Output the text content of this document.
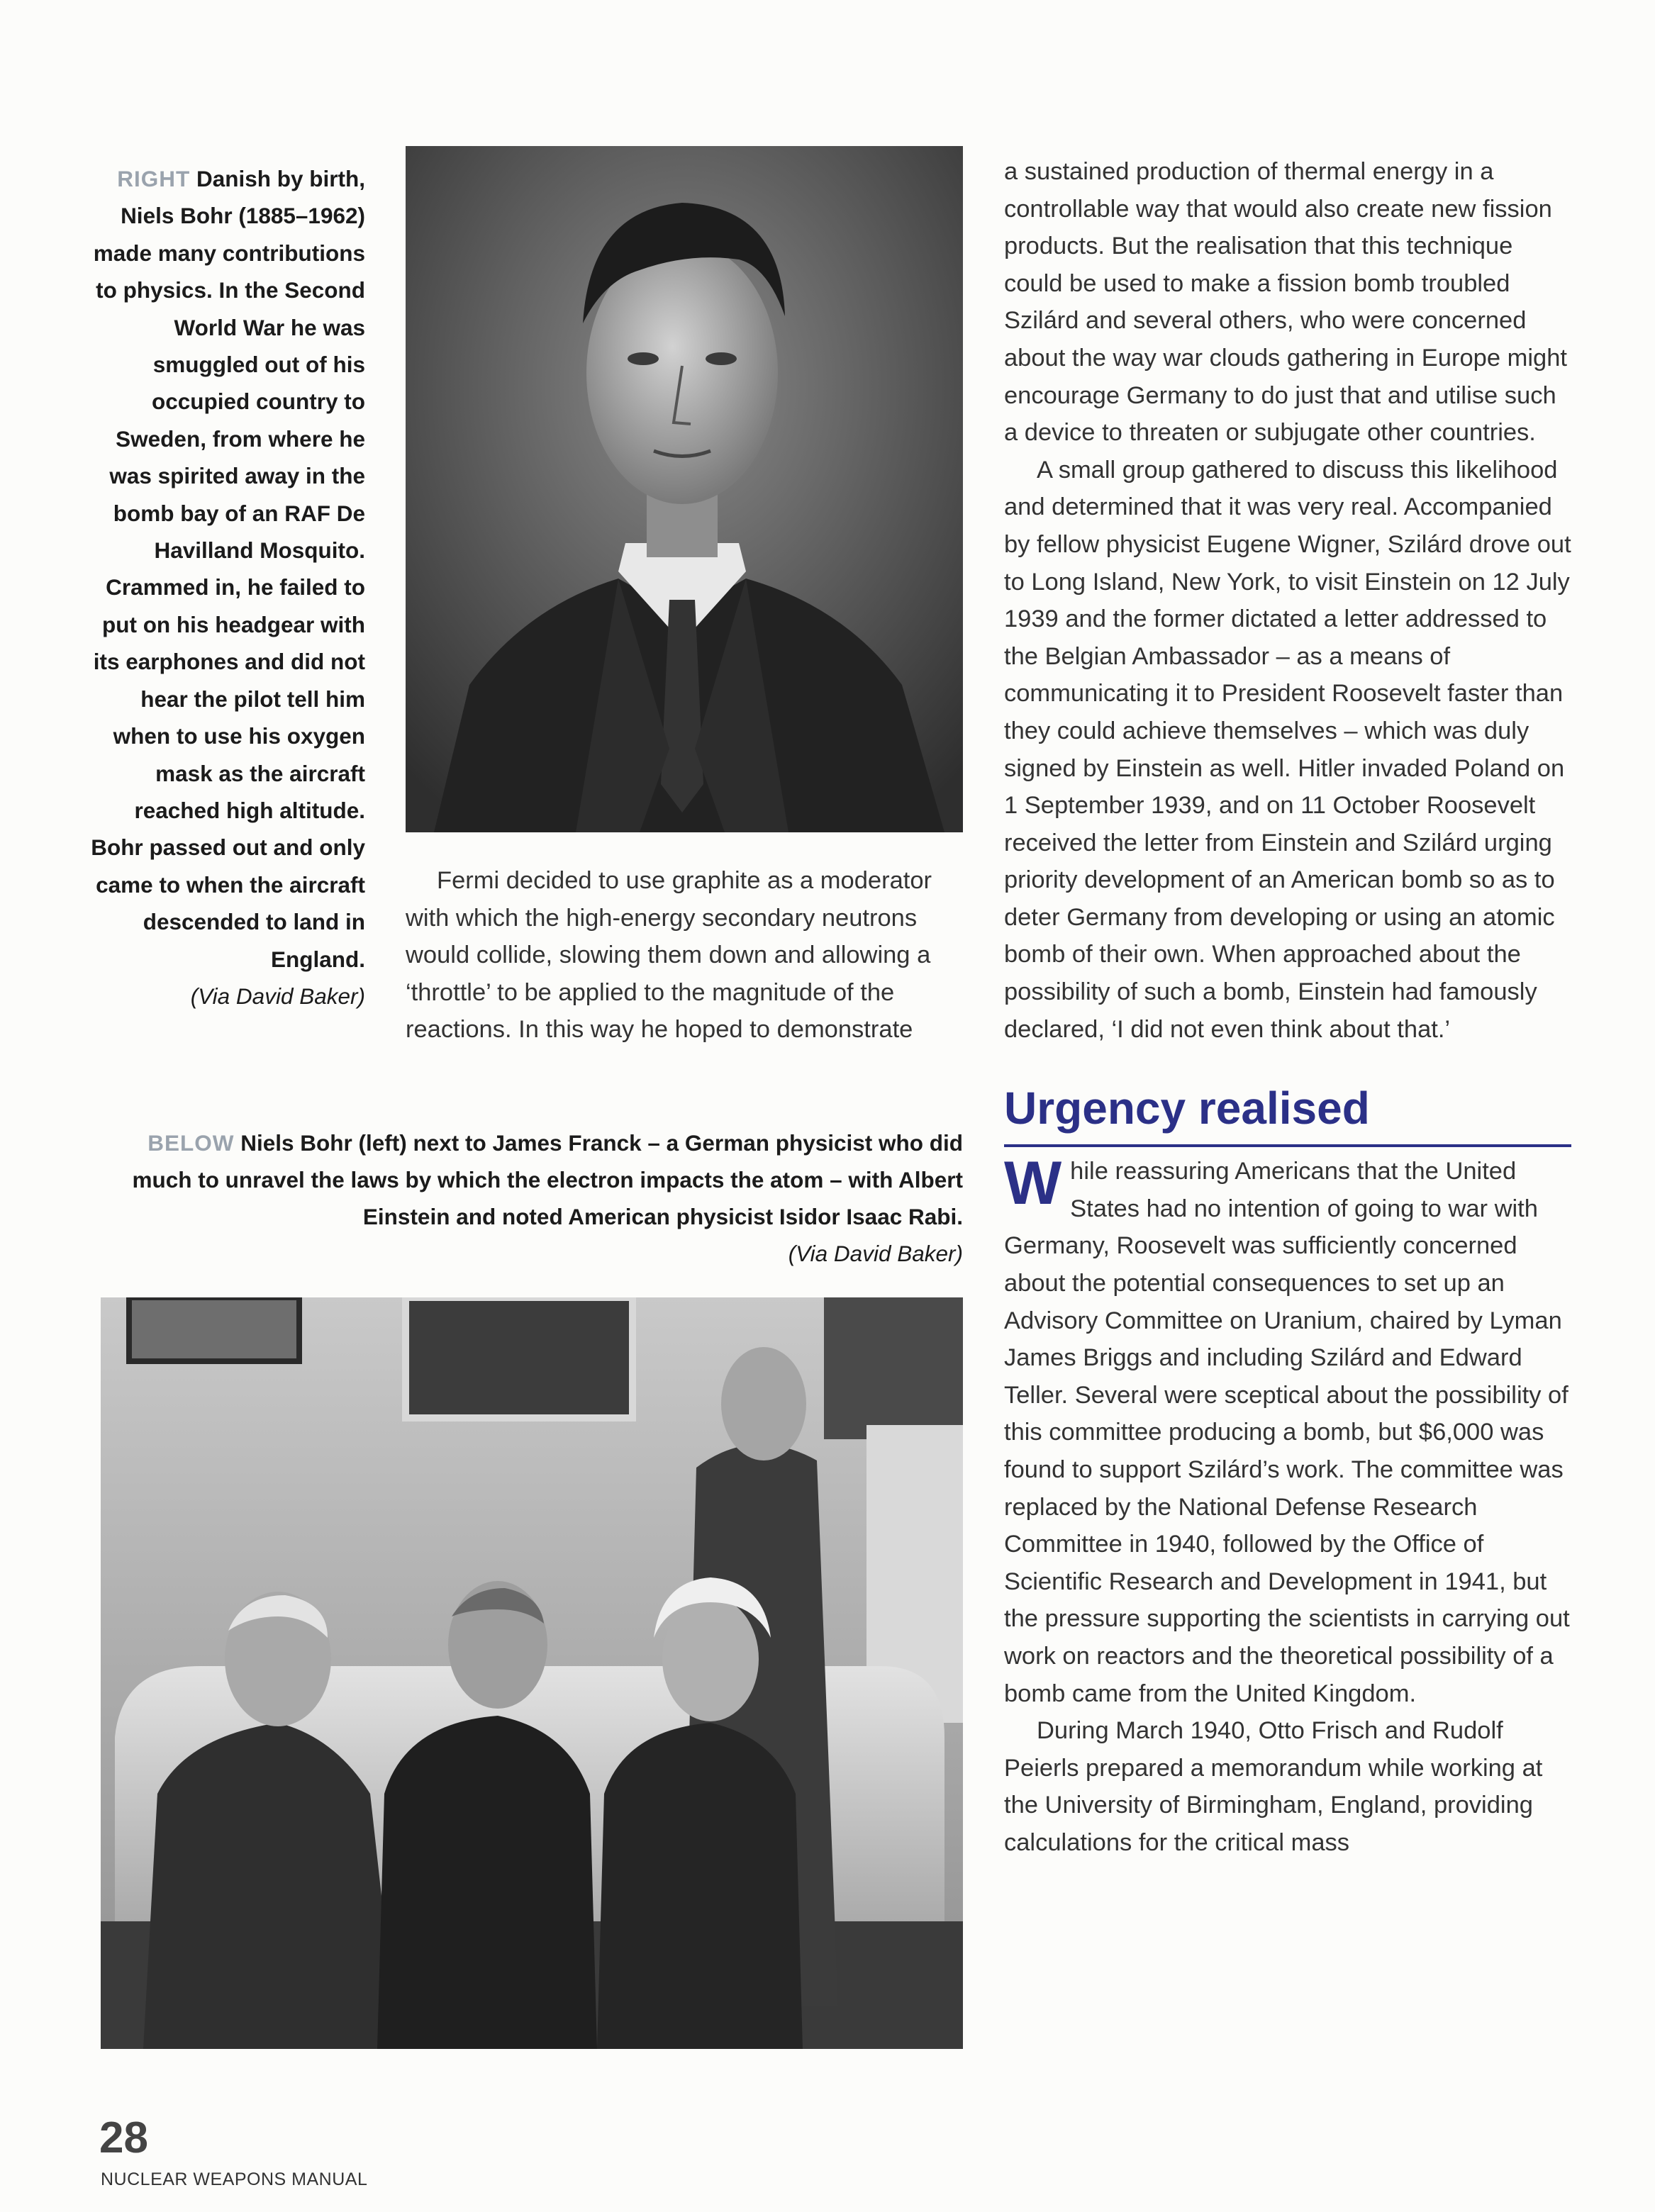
RIGHT Danish by birth, Niels Bohr (1885–1962) made many contributions to physics. In the Second World War he was smuggled out of his occupied country to Sweden, from where he was spirited away in the bomb bay of an RAF De Havilland Mosquito. Crammed in, he failed to put on his headgear with its earphones and did not hear the pilot tell him when to use his oxygen mask as the aircraft reached high altitude. Bohr passed out and only came to when the aircraft descended to land in England.
(Via David Baker)

Fermi decided to use graphite as a moderator with which the high-energy secondary neutrons would collide, slowing them down and allowing a ‘throttle’ to be applied to the magnitude of the reactions. In this way he hoped to demonstrate

BELOW Niels Bohr (left) next to James Franck – a German physicist who did much to unravel the laws by which the electron impacts the atom – with Albert Einstein and noted American physicist Isidor Isaac Rabi.
(Via David Baker)

a sustained production of thermal energy in a controllable way that would also create new fission products. But the realisation that this technique could be used to make a fission bomb troubled Szilárd and several others, who were concerned about the way war clouds gathering in Europe might encourage Germany to do just that and utilise such a device to threaten or subjugate other countries.

A small group gathered to discuss this likelihood and determined that it was very real. Accompanied by fellow physicist Eugene Wigner, Szilárd drove out to Long Island, New York, to visit Einstein on 12 July 1939 and the former dictated a letter addressed to the Belgian Ambassador – as a means of communicating it to President Roosevelt faster than they could achieve themselves – which was duly signed by Einstein as well. Hitler invaded Poland on 1 September 1939, and on 11 October Roosevelt received the letter from Einstein and Szilárd urging priority development of an American bomb so as to deter Germany from developing or using an atomic bomb of their own. When approached about the possibility of such a bomb, Einstein had famously declared, ‘I did not even think about that.’

Urgency realised

While reassuring Americans that the United States had no intention of going to war with Germany, Roosevelt was sufficiently concerned about the potential consequences to set up an Advisory Committee on Uranium, chaired by Lyman James Briggs and including Szilárd and Edward Teller. Several were sceptical about the possibility of this committee producing a bomb, but $6,000 was found to support Szilárd’s work. The committee was replaced by the National Defense Research Committee in 1940, followed by the Office of Scientific Research and Development in 1941, but the pressure supporting the scientists in carrying out work on reactors and the theoretical possibility of a bomb came from the United Kingdom.

During March 1940, Otto Frisch and Rudolf Peierls prepared a memorandum while working at the University of Birmingham, England, providing calculations for the critical mass

28
NUCLEAR WEAPONS MANUAL
